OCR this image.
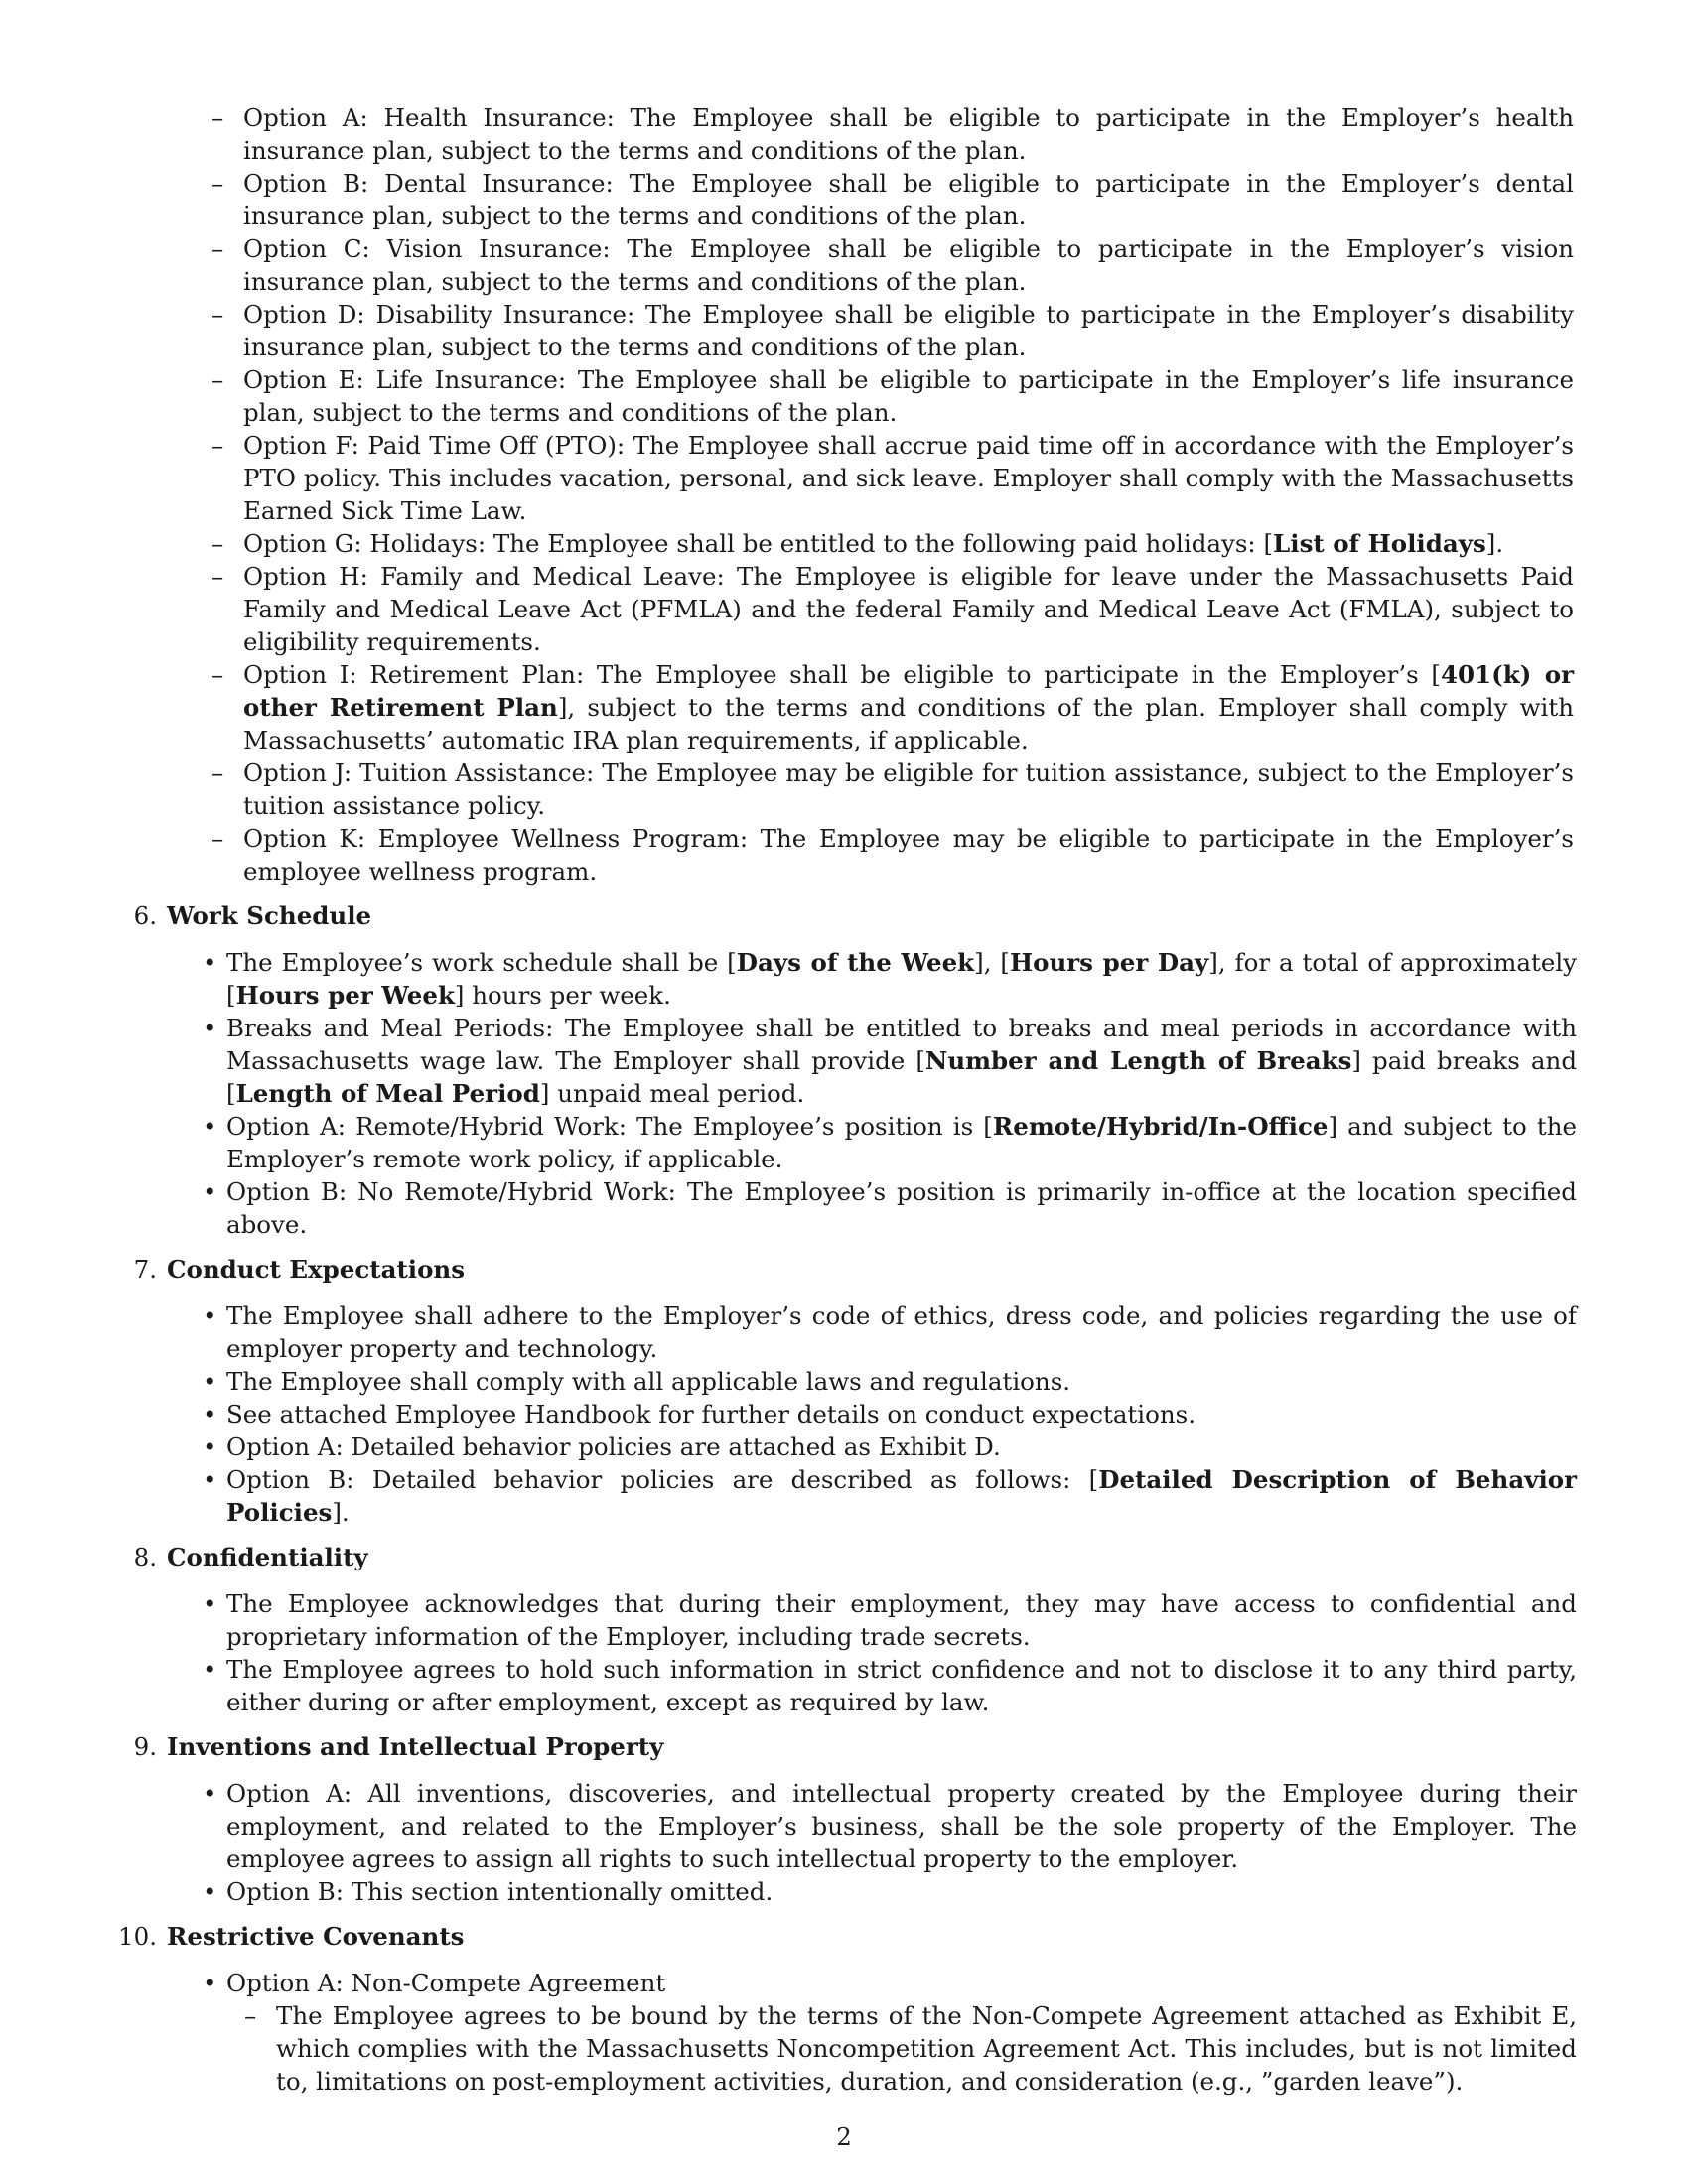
– Option A: Health Insurance: The Employee shall be eligible to participate in the Employer’s health insurance plan, subject to the terms and conditions of the plan.
– Option B: Dental Insurance: The Employee shall be eligible to participate in the Employer’s dental insurance plan, subject to the terms and conditions of the plan.
– Option C: Vision Insurance: The Employee shall be eligible to participate in the Employer’s vision insurance plan, subject to the terms and conditions of the plan.
– Option D: Disability Insurance: The Employee shall be eligible to participate in the Employer’s disability insurance plan, subject to the terms and conditions of the plan.
– Option E: Life Insurance: The Employee shall be eligible to participate in the Employer’s life insurance plan, subject to the terms and conditions of the plan.
– Option F: Paid Time Off (PTO): The Employee shall accrue paid time off in accordance with the Employer’s PTO policy. This includes vacation, personal, and sick leave. Employer shall comply with the Massachusetts Earned Sick Time Law.
– Option G: Holidays: The Employee shall be entitled to the following paid holidays: [List of Holidays].
– Option H: Family and Medical Leave: The Employee is eligible for leave under the Massachusetts Paid Family and Medical Leave Act (PFMLA) and the federal Family and Medical Leave Act (FMLA), subject to eligibility requirements.
– Option I: Retirement Plan: The Employee shall be eligible to participate in the Employer’s [401(k) or other Retirement Plan], subject to the terms and conditions of the plan. Employer shall comply with Massachusetts’ automatic IRA plan requirements, if applicable.
– Option J: Tuition Assistance: The Employee may be eligible for tuition assistance, subject to the Employer’s tuition assistance policy.
– Option K: Employee Wellness Program: The Employee may be eligible to participate in the Employer’s employee wellness program.
6. Work Schedule
• The Employee’s work schedule shall be [Days of the Week], [Hours per Day], for a total of approximately [Hours per Week] hours per week.
• Breaks and Meal Periods: The Employee shall be entitled to breaks and meal periods in accordance with Massachusetts wage law. The Employer shall provide [Number and Length of Breaks] paid breaks and [Length of Meal Period] unpaid meal period.
• Option A: Remote/Hybrid Work: The Employee’s position is [Remote/Hybrid/In-Office] and subject to the Employer’s remote work policy, if applicable.
• Option B: No Remote/Hybrid Work: The Employee’s position is primarily in-office at the location specified above.
7. Conduct Expectations
• The Employee shall adhere to the Employer’s code of ethics, dress code, and policies regarding the use of employer property and technology.
• The Employee shall comply with all applicable laws and regulations.
• See attached Employee Handbook for further details on conduct expectations.
• Option A: Detailed behavior policies are attached as Exhibit D.
• Option B: Detailed behavior policies are described as follows: [Detailed Description of Behavior Policies].
8. Confidentiality
• The Employee acknowledges that during their employment, they may have access to confidential and proprietary information of the Employer, including trade secrets.
• The Employee agrees to hold such information in strict confidence and not to disclose it to any third party, either during or after employment, except as required by law.
9. Inventions and Intellectual Property
• Option A: All inventions, discoveries, and intellectual property created by the Employee during their employment, and related to the Employer’s business, shall be the sole property of the Employer. The employee agrees to assign all rights to such intellectual property to the employer.
• Option B: This section intentionally omitted.
10. Restrictive Covenants
• Option A: Non-Compete Agreement
– The Employee agrees to be bound by the terms of the Non-Compete Agreement attached as Exhibit E, which complies with the Massachusetts Noncompetition Agreement Act. This includes, but is not limited to, limitations on post-employment activities, duration, and consideration (e.g., ”garden leave”).
2
